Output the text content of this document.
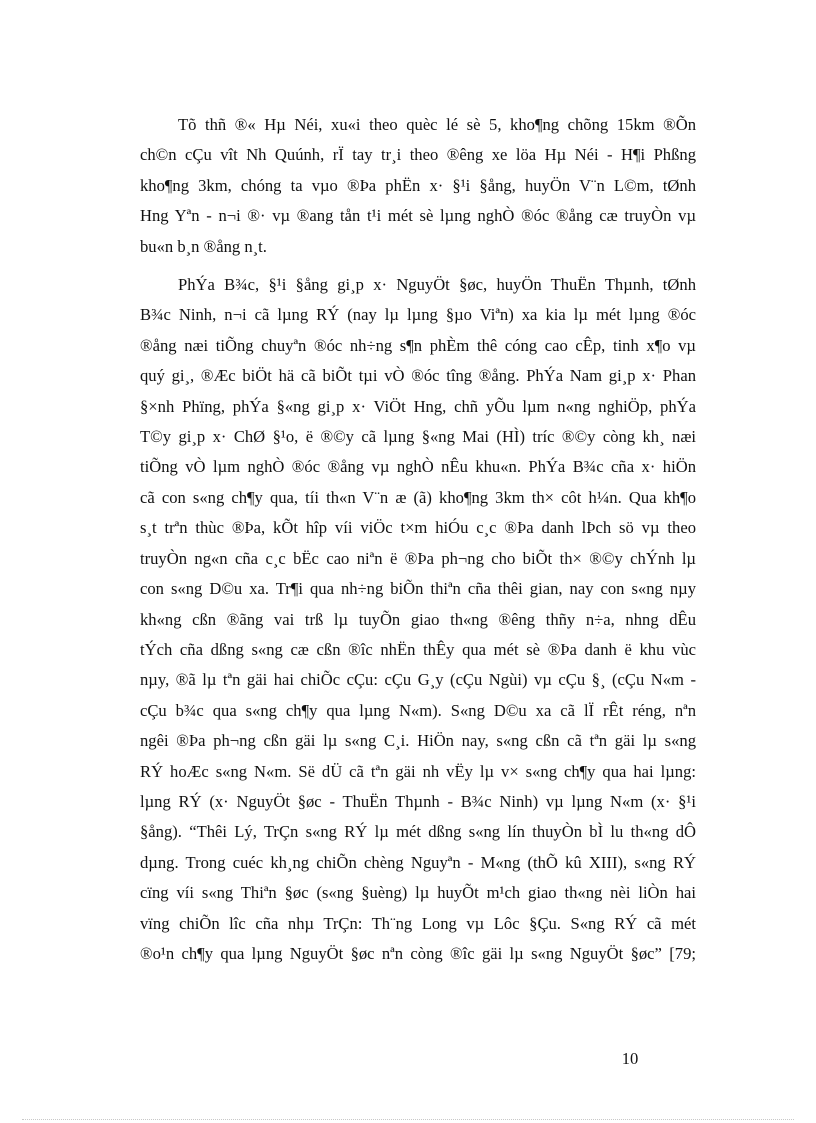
Tõ thñ ®« Hµ Néi, xu«i theo quèc lé sè 5, kho¶ng chõng 15km ®Õn
ch©n cÇu vît Nh Quúnh, rÏ tay tr¸i theo ®êng xe löa Hµ Néi - H¶i Phßng
kho¶ng 3km, chóng ta vµo ®Þa phËn x· §¹i §ång, huyÖn V¨n L©m, tØnh
Hng Yªn - n¬i ®· vµ ®ang tån t¹i mét sè lµng nghÒ ®óc ®ång cæ truyÒn vµ
bu«n b¸n ®ång n¸t.
PhÝa B¾c, §¹i §ång gi¸p x· NguyÖt §øc, huyÖn ThuËn Thµnh, tØnh
B¾c Ninh, n¬i cã lµng RÝ (nay lµ lµng §µo Viªn) xa kia lµ mét lµng ®óc
®ång næi tiÕng chuyªn ®óc nh÷ng s¶n phÈm thê cóng cao cÊp, tinh x¶o vµ
quý gi¸, ®Æc biÖt hä cã biÕt tµi vÒ ®óc tîng ®ång. PhÝa Nam gi¸p x· Phan
§×nh Phïng, phÝa §«ng gi¸p x· ViÖt Hng, chñ yÕu lµm n«ng nghiÖp, phÝa
T©y gi¸p x· ChØ §¹o, ë ®©y cã lµng §«ng Mai (HÌ) tríc ®©y còng kh¸ næi
tiÕng vÒ lµm nghÒ ®óc ®ång vµ nghÒ nÊu khu«n. PhÝa B¾c cña x· hiÖn
cã con s«ng ch¶y qua, tíi th«n V¨n æ (ã) kho¶ng 3km th× côt h¼n. Qua kh¶o
s¸t trªn thùc ®Þa, kÕt hîp víi viÖc t×m hiÓu c¸c ®Þa danh lÞch sö vµ theo
truyÒn ng«n cña c¸c bËc cao niªn ë ®Þa ph¬ng cho biÕt th× ®©y chÝnh lµ
con s«ng D©u xa. Tr¶i qua nh÷ng biÕn thiªn cña thêi gian, nay con s«ng nµy
kh«ng cßn ®ãng vai trß lµ tuyÕn giao th«ng ®êng thñy n÷a, nhng dÊu
tÝch cña dßng s«ng cæ cßn ®îc nhËn thÊy qua mét sè ®Þa danh ë khu vùc
nµy, ®ã lµ tªn gäi hai chiÕc cÇu: cÇu G¸y (cÇu Ngùi) vµ cÇu §¸ (cÇu N«m -
cÇu b¾c qua s«ng ch¶y qua lµng N«m). S«ng D©u xa cã lÏ rÊt réng, nªn
ngêi ®Þa ph¬ng cßn gäi lµ s«ng C¸i. HiÖn nay, s«ng cßn cã tªn gäi lµ s«ng
RÝ hoÆc s«ng N«m. Së dÜ cã tªn gäi nh vËy lµ v× s«ng ch¶y qua hai lµng:
lµng RÝ (x· NguyÖt §øc - ThuËn Thµnh - B¾c Ninh) vµ lµng N«m (x· §¹i
§ång). “Thêi Lý, TrÇn s«ng RÝ lµ mét dßng s«ng lín thuyÒn bÌ lu th«ng dÔ
dµng. Trong cuéc kh¸ng chiÕn chèng Nguyªn - M«ng (thÕ kû XIII), s«ng RÝ
cïng víi s«ng Thiªn §øc (s«ng §uèng) lµ huyÕt m¹ch giao th«ng nèi liÒn hai
vïng chiÕn lîc cña nhµ TrÇn: Th¨ng Long vµ Lôc §Çu. S«ng RÝ cã mét
®o¹n ch¶y qua lµng NguyÖt §øc nªn còng ®îc gäi lµ s«ng NguyÖt §øc” [79;
10
